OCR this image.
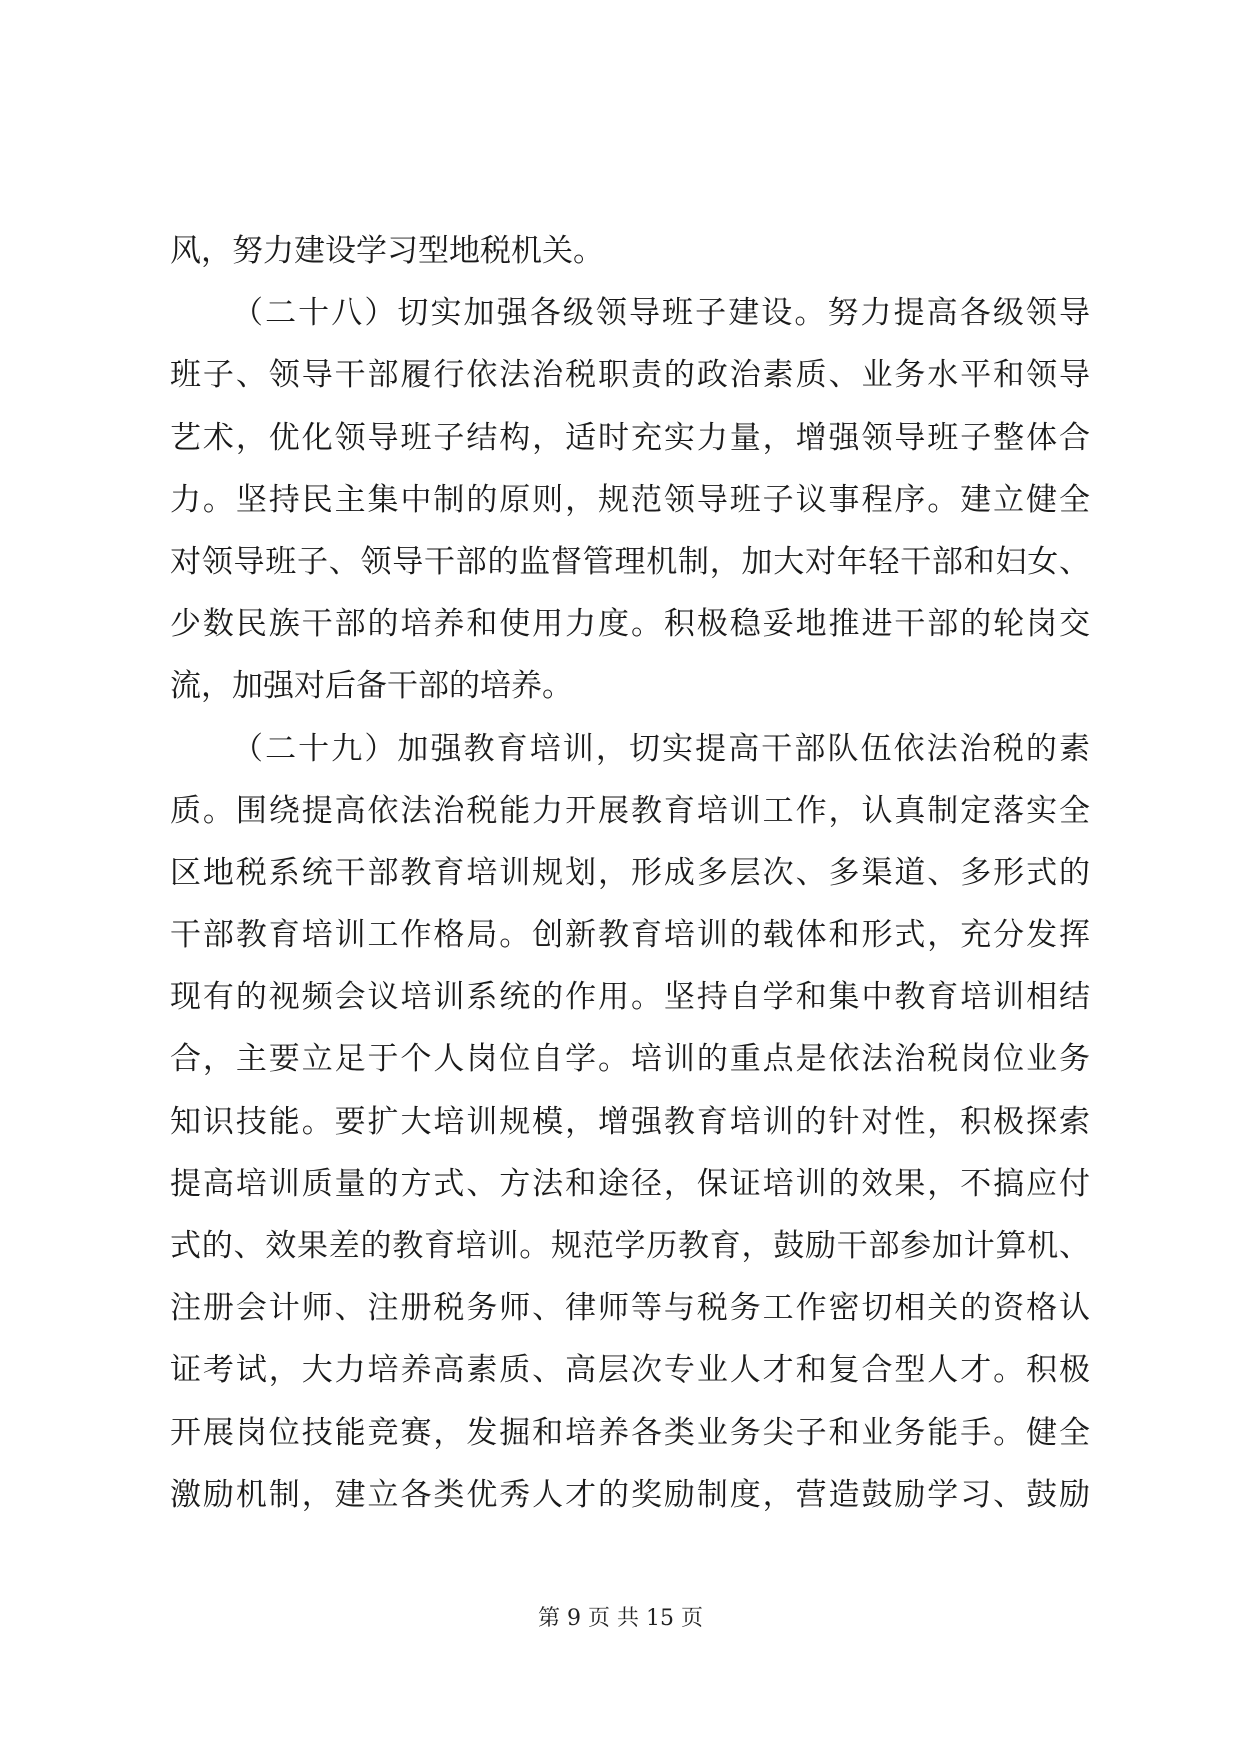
风，努力建设学习型地税机关。
（二十八）切实加强各级领导班子建设。努力提高各级领导
班子、领导干部履行依法治税职责的政治素质、业务水平和领导
艺术，优化领导班子结构，适时充实力量，增强领导班子整体合
力。坚持民主集中制的原则，规范领导班子议事程序。建立健全
对领导班子、领导干部的监督管理机制，加大对年轻干部和妇女、
少数民族干部的培养和使用力度。积极稳妥地推进干部的轮岗交
流，加强对后备干部的培养。
（二十九）加强教育培训，切实提高干部队伍依法治税的素
质。围绕提高依法治税能力开展教育培训工作，认真制定落实全
区地税系统干部教育培训规划，形成多层次、多渠道、多形式的
干部教育培训工作格局。创新教育培训的载体和形式，充分发挥
现有的视频会议培训系统的作用。坚持自学和集中教育培训相结
合，主要立足于个人岗位自学。培训的重点是依法治税岗位业务
知识技能。要扩大培训规模，增强教育培训的针对性，积极探索
提高培训质量的方式、方法和途径，保证培训的效果，不搞应付
式的、效果差的教育培训。规范学历教育，鼓励干部参加计算机、
注册会计师、注册税务师、律师等与税务工作密切相关的资格认
证考试，大力培养高素质、高层次专业人才和复合型人才。积极
开展岗位技能竞赛，发掘和培养各类业务尖子和业务能手。健全
激励机制，建立各类优秀人才的奖励制度，营造鼓励学习、鼓励
第 9 页 共 15 页
